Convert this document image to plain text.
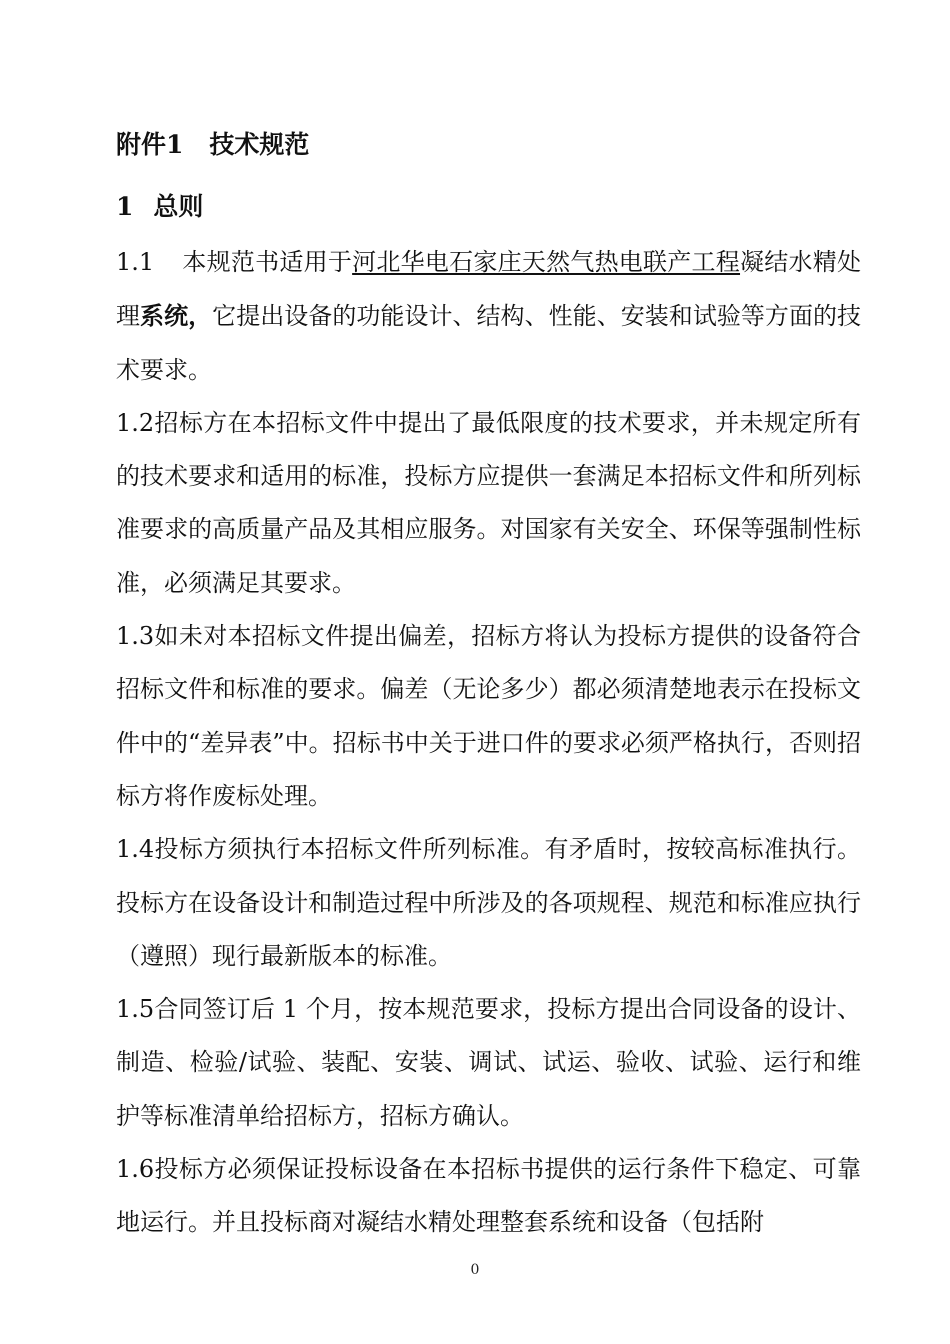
附件1 技术规范
1 总则

1.1 本规范书适用于河北华电石家庄天然气热电联产工程凝结水精处理系统，它提出设备的功能设计、结构、性能、安装和试验等方面的技术要求。

1.2招标方在本招标文件中提出了最低限度的技术要求，并未规定所有的技术要求和适用的标准，投标方应提供一套满足本招标文件和所列标准要求的高质量产品及其相应服务。对国家有关安全、环保等强制性标准，必须满足其要求。

1.3如未对本招标文件提出偏差，招标方将认为投标方提供的设备符合招标文件和标准的要求。偏差（无论多少）都必须清楚地表示在投标文件中的“差异表”中。招标书中关于进口件的要求必须严格执行，否则招标方将作废标处理。

1.4投标方须执行本招标文件所列标准。有矛盾时，按较高标准执行。投标方在设备设计和制造过程中所涉及的各项规程、规范和标准应执行（遵照）现行最新版本的标准。

1.5合同签订后 1 个月，按本规范要求，投标方提出合同设备的设计、制造、检验/试验、装配、安装、调试、试运、验收、试验、运行和维护等标准清单给招标方，招标方确认。

1.6投标方必须保证投标设备在本招标书提供的运行条件下稳定、可靠地运行。并且投标商对凝结水精处理整套系统和设备（包括附

0
